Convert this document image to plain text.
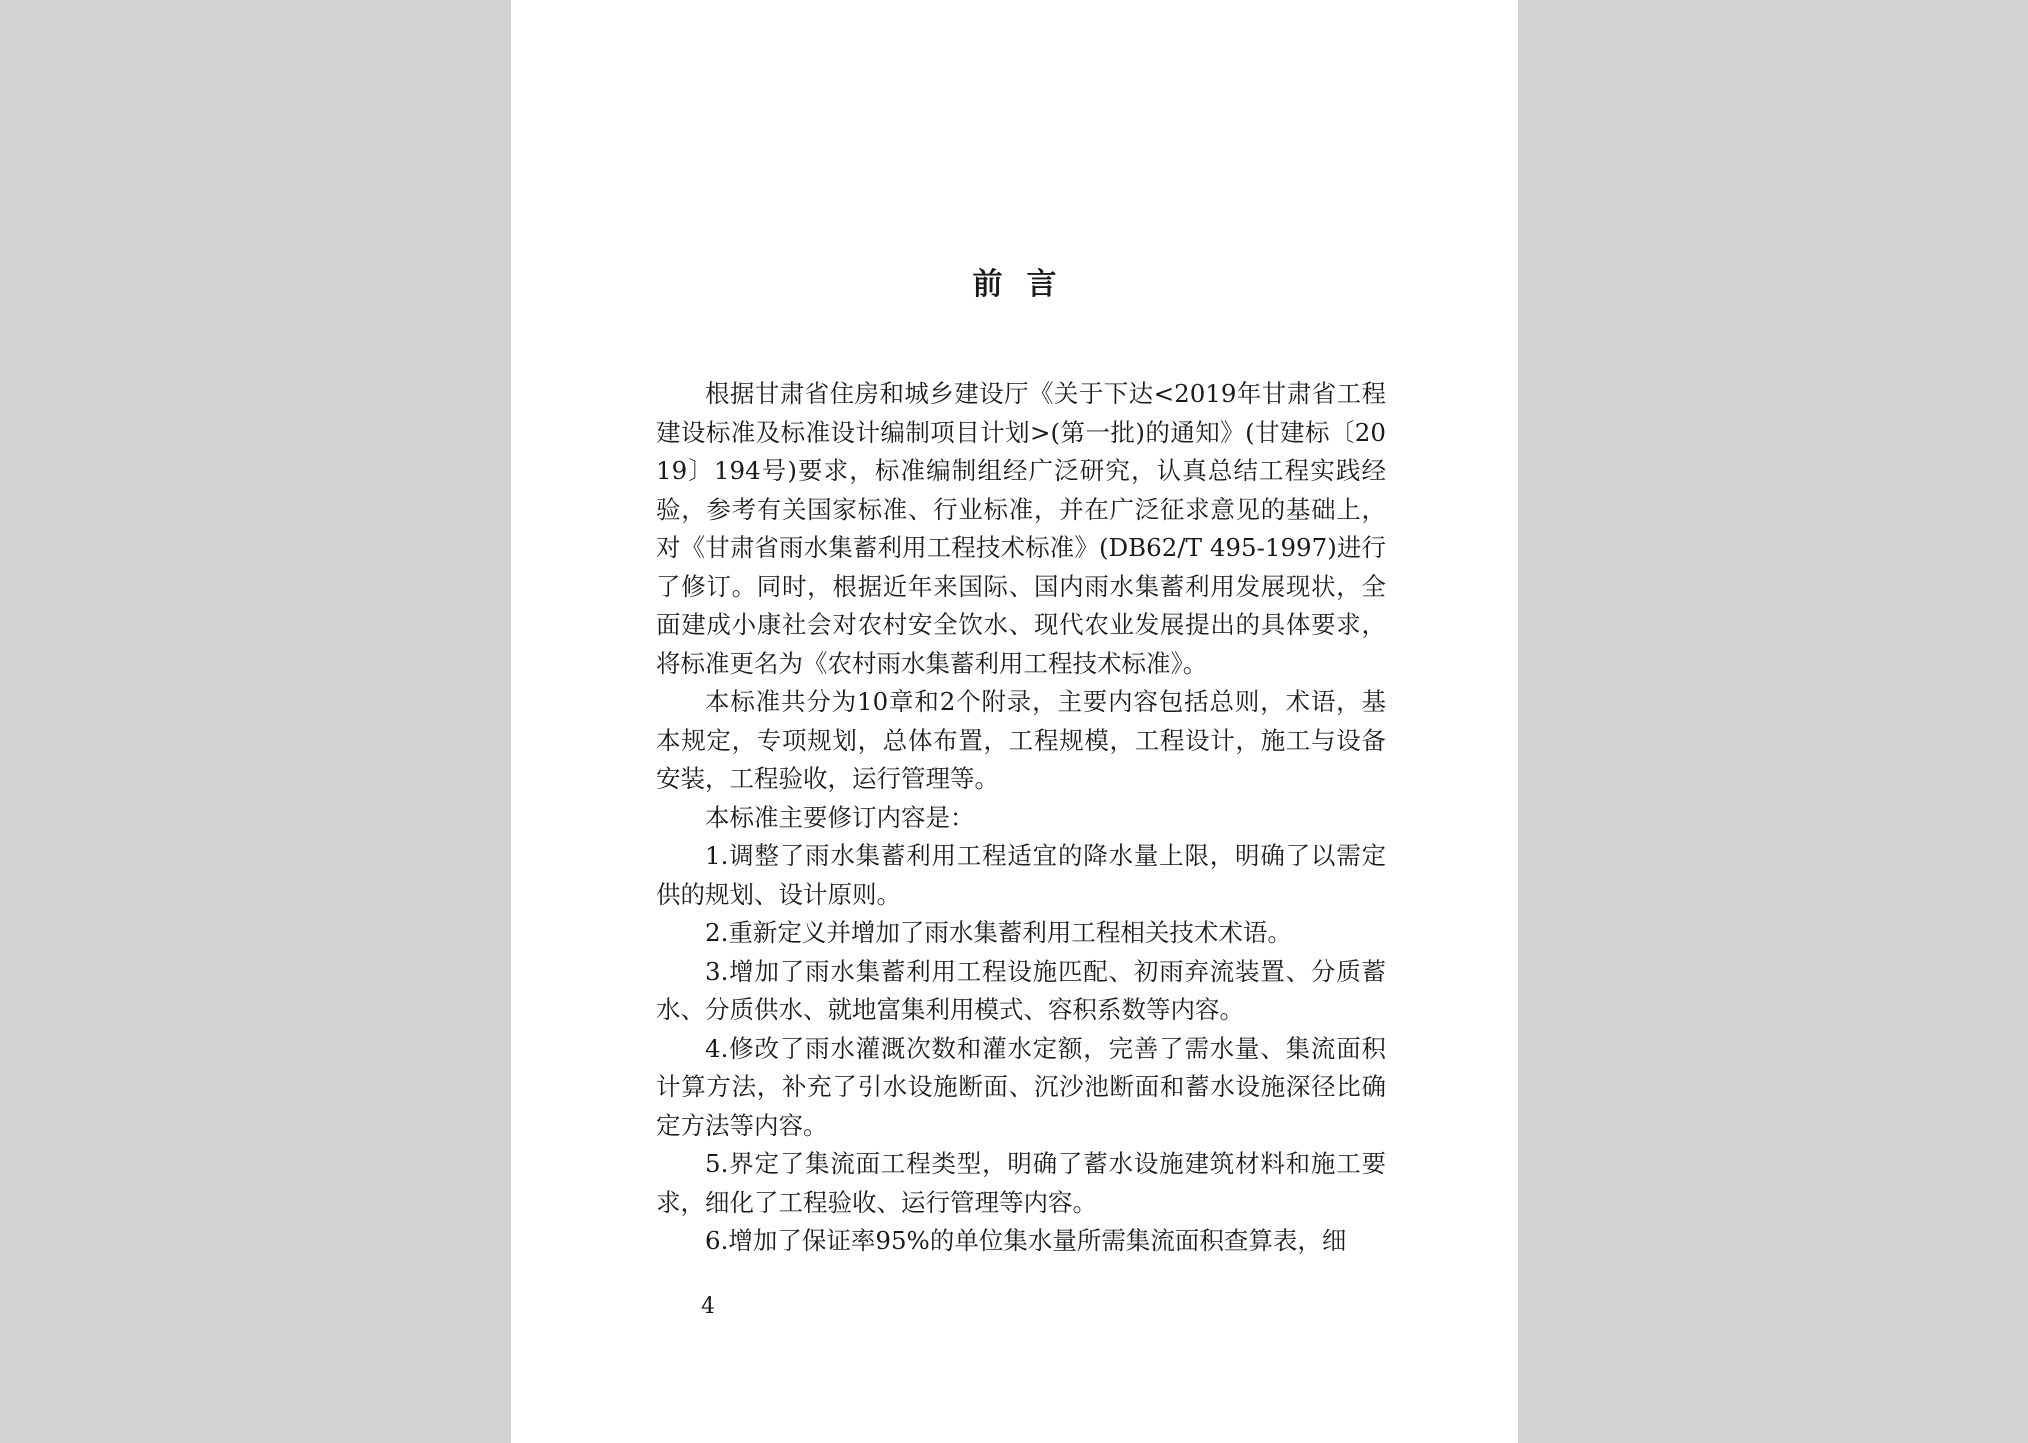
前言

根据甘肃省住房和城乡建设厅《关于下达<2019年甘肃省工程建设标准及标准设计编制项目计划>(第一批)的通知》(甘建标〔2019〕194号)要求，标准编制组经广泛研究，认真总结工程实践经验，参考有关国家标准、行业标准，并在广泛征求意见的基础上，对《甘肃省雨水集蓄利用工程技术标准》(DB62/T 495-1997)进行了修订。同时，根据近年来国际、国内雨水集蓄利用发展现状，全面建成小康社会对农村安全饮水、现代农业发展提出的具体要求，将标准更名为《农村雨水集蓄利用工程技术标准》。

本标准共分为10章和2个附录，主要内容包括总则，术语，基本规定，专项规划，总体布置，工程规模，工程设计，施工与设备安装，工程验收，运行管理等。

本标准主要修订内容是：

1.调整了雨水集蓄利用工程适宜的降水量上限，明确了以需定供的规划、设计原则。

2.重新定义并增加了雨水集蓄利用工程相关技术术语。

3.增加了雨水集蓄利用工程设施匹配、初雨弃流装置、分质蓄水、分质供水、就地富集利用模式、容积系数等内容。

4.修改了雨水灌溉次数和灌水定额，完善了需水量、集流面积计算方法，补充了引水设施断面、沉沙池断面和蓄水设施深径比确定方法等内容。

5.界定了集流面工程类型，明确了蓄水设施建筑材料和施工要求，细化了工程验收、运行管理等内容。

6.增加了保证率95%的单位集水量所需集流面积查算表，细

4
